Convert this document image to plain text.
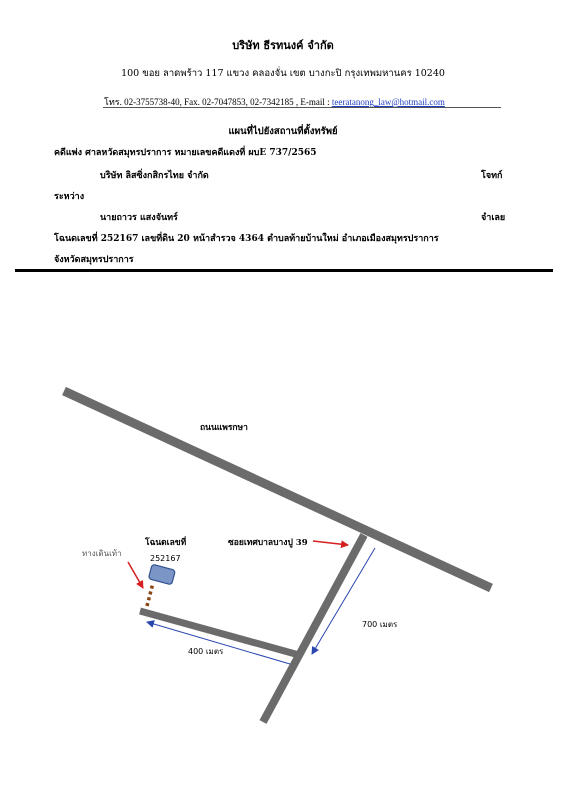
บริษัท ธีรทนงค์ จำกัด
100 ขอย ลาดพร้าว 117 แขวง คลองจั่น เขต บางกะปิ กรุงเทพมหานคร 10240
โทร. 02-3755738-40, Fax. 02-7047853, 02-7342185 , E-mail : teeratanong_law@hotmail.com
แผนที่ไปยังสถานที่ตั้งทรัพย์
คดีแพ่ง ศาลหวัดสมุทรปราการ หมายเลขคดีแดงที่ ผบE 737/2565
บริษัท ลิสซิ่งกสิกรไทย จำกัด	โจทก์
ระหว่าง
นายถาวร แสงจันทร์	จำเลย
โฉนดเลขที่ 252167 เลขที่ดิน 20 หน้าสำรวจ 4364 ตำบลท้ายบ้านใหม่ อำเภอเมืองสมุทรปราการ
จังหวัดสมุทรปราการ
ถนนแพรกษา
ซอยเทศบาลบางปู 39
โฉนดเลขที่
252167
ทางเดินเท้า
700 เมตร
400 เมตร
